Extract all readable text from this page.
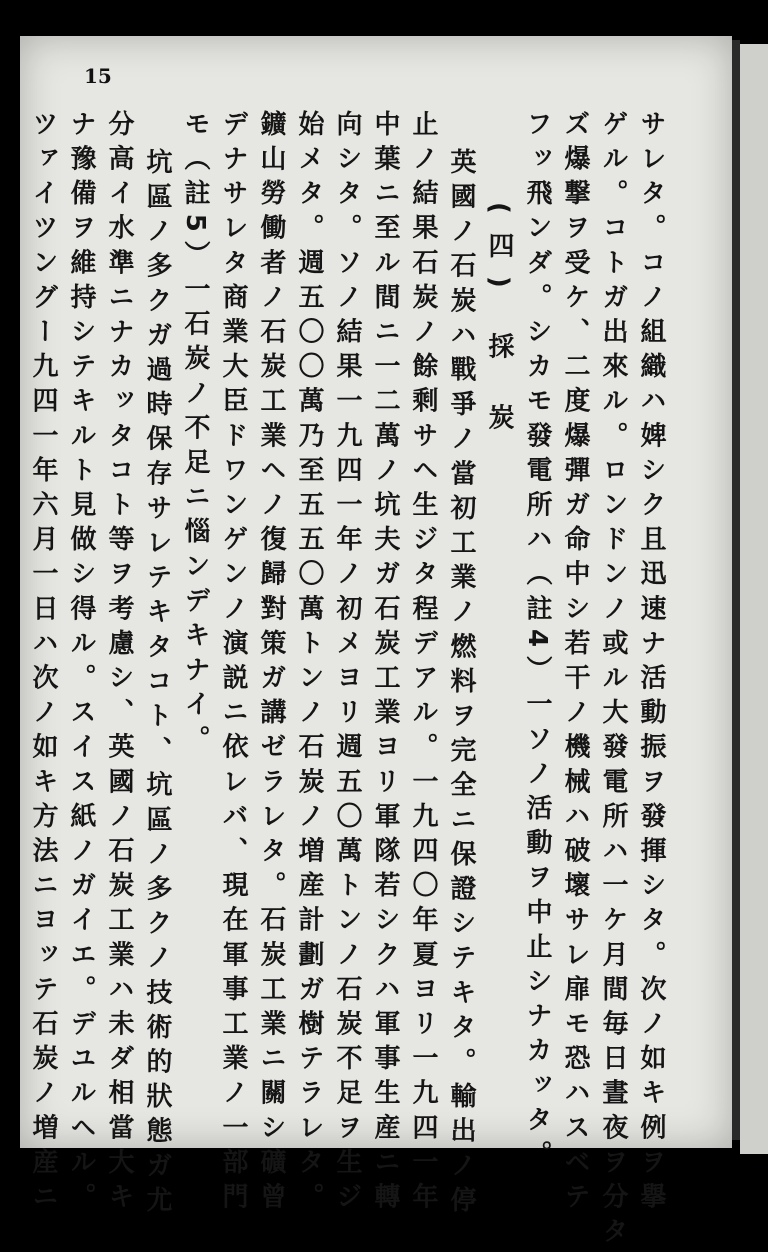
15
サレタ。コノ組織ハ婢シク且迅速ナ活動振ヲ發揮シタ。次ノ如キ例ヲ擧
ゲル。コトガ出來ル。ロンドンノ或ル大發電所ハ一ケ月間毎日晝夜ヲ分タ
ズ爆撃ヲ受ケ、二度爆彈ガ命中シ若干ノ機械ハ破壞サレ扉モ恐ハスベテ
フッ飛ンダ。シカモ發電所ハ（註4）一ソノ活動ヲ中止シナカッタ。
(四) 採 炭
英國ノ石炭ハ戰爭ノ當初工業ノ燃料ヲ完全ニ保證シテキタ。輸出ノ停
止ノ結果石炭ノ餘剩サヘ生ジタ程デアル。一九四〇年夏ヨリ一九四一年
中葉ニ至ル間ニ一二萬ノ坑夫ガ石炭工業ヨリ軍隊若シクハ軍事生産ニ轉
向シタ。ソノ結果一九四一年ノ初メヨリ週五〇萬トンノ石炭不足ヲ生ジ
始メタ。週五〇〇萬乃至五五〇萬トンノ石炭ノ増産計劃ガ樹テラレタ。
鑛山勞働者ノ石炭工業ヘノ復歸對策ガ講ゼラレタ。石炭工業ニ關シ礦曾
デナサレタ商業大臣ドワンゲンノ演説ニ依レバ、現在軍事工業ノ一部門
モ（註5）一石炭ノ不足ニ惱ンデキナイ。
坑區ノ多クガ過時保存サレテキタコト、坑區ノ多クノ技術的狀態ガ尤
分高イ水準ニナカッタコト等ヲ考慮シ、英國ノ石炭工業ハ未ダ相當大キ
ナ豫備ヲ維持シテキルト見做シ得ル。スイス紙ノガイエ。デユルヘル。
ツァイツングー九四一年六月一日ハ次ノ如キ方法ニヨッテ石炭ノ増産ニ
